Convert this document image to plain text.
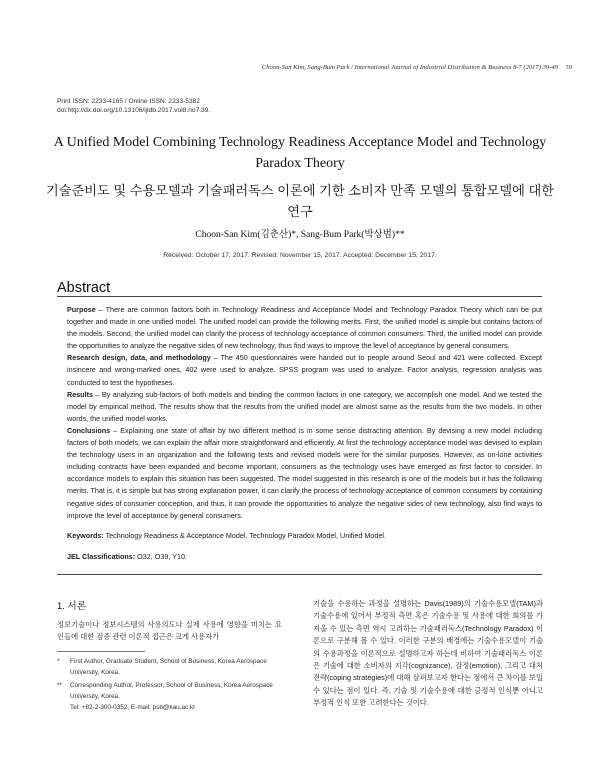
Choon-San Kim, Sang-Bum Park / International Journal of Industrial Distribution & Business 8-7 (2017) 39-49 39
Print ISSN: 2233-4165 / Online ISSN: 2233-5382
doi:http://dx.doi.org/10.13106/ijidb.2017.vol8.no7.39.
A Unified Model Combining Technology Readiness Acceptance Model and Technology Paradox Theory
기술준비도 및 수용모델과 기술패러독스 이론에 기한 소비자 만족 모델의 통합모델에 대한 연구
Choon-San Kim(김춘산)*, Sang-Bum Park(박상범)**
Received: October 17, 2017. Revised: November 15, 2017. Accepted: December 15, 2017.
Abstract

Purpose – There are common factors both in Technology Readiness and Acceptance Model and Technology Paradox Theory which can be put together and made in one unified model. The unified model can provide the following merits. First, the unified model is simple but contains factors of the models. Second, the unified model can clarify the process of technology acceptance of common consumers. Third, the unified model can provide the opportunities to analyze the negative sides of new technology, thus find ways to improve the level of acceptance by general consumers.

Research design, data, and methodology – The 450 questionnaires were handed out to people around Seoul and 421 were collected. Except insincere and wrong-marked ones, 402 were used to analyze. SPSS program was used to analyze. Factor analysis, regression analysis was conducted to test the hypotheses.

Results – By analyzing sub-factors of both models and binding the common factors in one category, we accomplish one model. And we tested the model by empirical method. The results show that the results from the unified model are almost same as the results from the two models. In other words, the unified model works.

Conclusions – Explaining one state of affair by two different method is in some sense distracting attention. By devising a new model including factors of both models, we can explain the affair more straightforward and efficiently. At first the technology acceptance model was devised to explain the technology users in an organization and the following tests and revised models were for the similar purposes. However, as on-lone activities including contracts have been expanded and become important, consumers as the technology uses have emerged as first factor to consider. In accordance models to explain this situation has been suggested. The model suggested in this research is one of the models but it has the following merits. That is, it is simple but has strong explanation power, it can clarify the process of technology acceptance of common consumers by containing negative sides of consumer conception, and thus, it can provide the opportunities to analyze the negative sides of new technology, also find ways to improve the level of acceptance by general consumers.

Keywords: Technology Readiness & Acceptance Model, Technology Paradox Model, Unified Model.
JEL Classifications: O32, O39, Y10.
1. 서론
정보기술이나 정보시스템의 사용의도나 실제 사용에 영향을 미치는 요인들에 대한 검증 관련 이론적 접근은 크게 사용자가
* First Author, Graduate Student, School of Business, Korea Aerospace University, Korea.
** Corresponding Author, Professor, School of Business, Korea Aerospace University, Korea.
Tel: +82-2-300-0352, E-mail: psb@kau.ac.kr
기술을 수용하는 과정을 설명하는 Davis(1989)의 기술수용모델(TAM)과 기술수용에 있어서 부정적 측면 혹은 기술수용 및 사용에 대한 회의를 가져올 수 있는 측면 역시 고려하는 기술패러독스(Technology Paradox) 이론으로 구분해 볼 수 있다. 이러한 구분의 배경에는 기술수용모델이 기술의 수용과정을 이론적으로 설명하고자 하는데 비하여 기술패러독스 이론은 기술에 대한 소비자의 지각(cognizance), 감정(emotion), 그리고 대처전략(coping strategies)에 대해 살펴보고자 한다는 점에서 큰 차이를 보일 수 있다는 점이 있다. 즉, 기술 및 기술수용에 대한 긍정적 인식뿐 아니고 부정적 인식 또한 고려한다는 것이다.
